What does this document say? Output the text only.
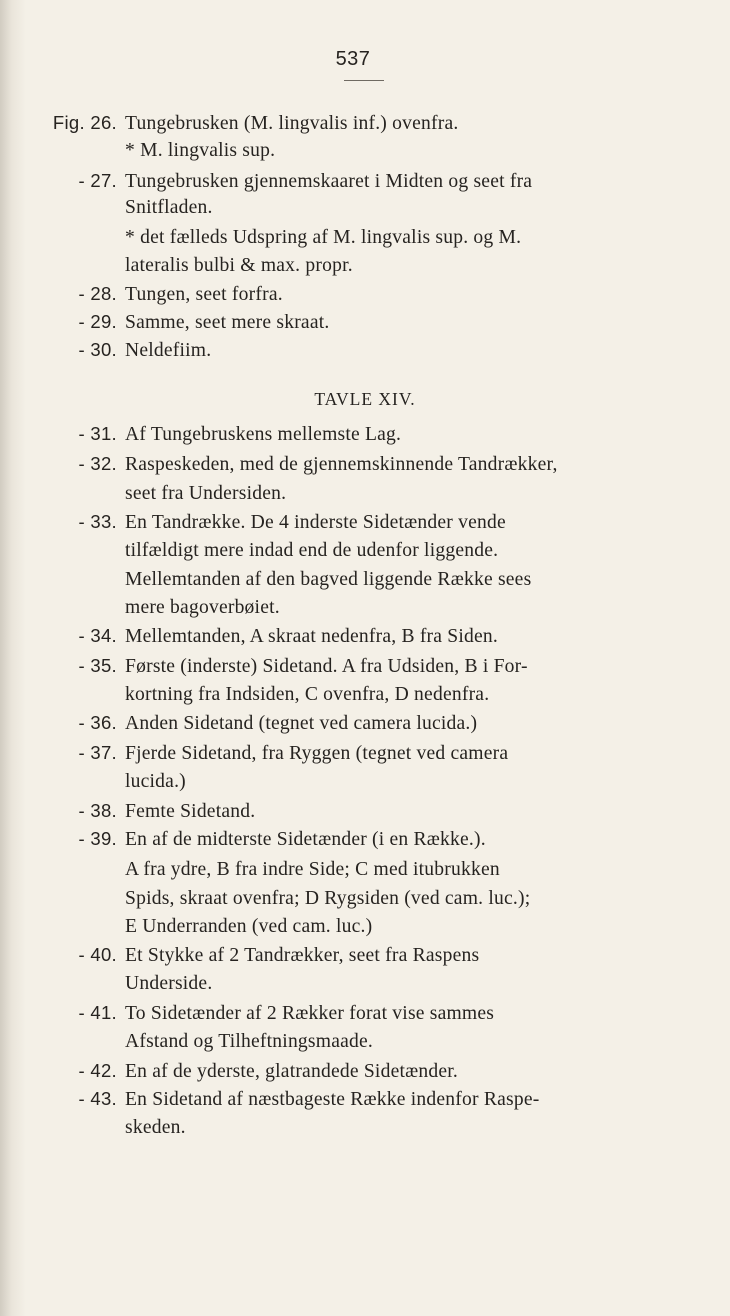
537
Fig. 26. Tungebrusken (M. lingvalis inf.) ovenfra.
* M. lingvalis sup.
- 27. Tungebrusken gjennemskaaret i Midten og seet fra
Snitfladen.
* det fælleds Udspring af M. lingvalis sup. og M.
lateralis bulbi & max. propr.
- 28. Tungen, seet forfra.
- 29. Samme, seet mere skraat.
- 30. Neldefiim.
TAVLE XIV.
- 31. Af Tungebruskens mellemste Lag.
- 32. Raspeskeden, med de gjennemskinnende Tandrækker,
seet fra Undersiden.
- 33. En Tandrække. De 4 inderste Sidetænder vende
tilfældigt mere indad end de udenfor liggende.
Mellemtanden af den bagved liggende Række sees
mere bagoverbøiet.
- 34. Mellemtanden, A skraat nedenfra, B fra Siden.
- 35. Første (inderste) Sidetand. A fra Udsiden, B i For-
kortning fra Indsiden, C ovenfra, D nedenfra.
- 36. Anden Sidetand (tegnet ved camera lucida.)
- 37. Fjerde Sidetand, fra Ryggen (tegnet ved camera
lucida.)
- 38. Femte Sidetand.
- 39. En af de midterste Sidetænder (i en Række.).
A fra ydre, B fra indre Side; C med itubrukken
Spids, skraat ovenfra; D Rygsiden (ved cam. luc.);
E Underranden (ved cam. luc.)
- 40. Et Stykke af 2 Tandrækker, seet fra Raspens
Underside.
- 41. To Sidetænder af 2 Rækker forat vise sammes
Afstand og Tilheftningsmaade.
- 42. En af de yderste, glatrandede Sidetænder.
- 43. En Sidetand af næstbageste Række indenfor Raspe-
skeden.
